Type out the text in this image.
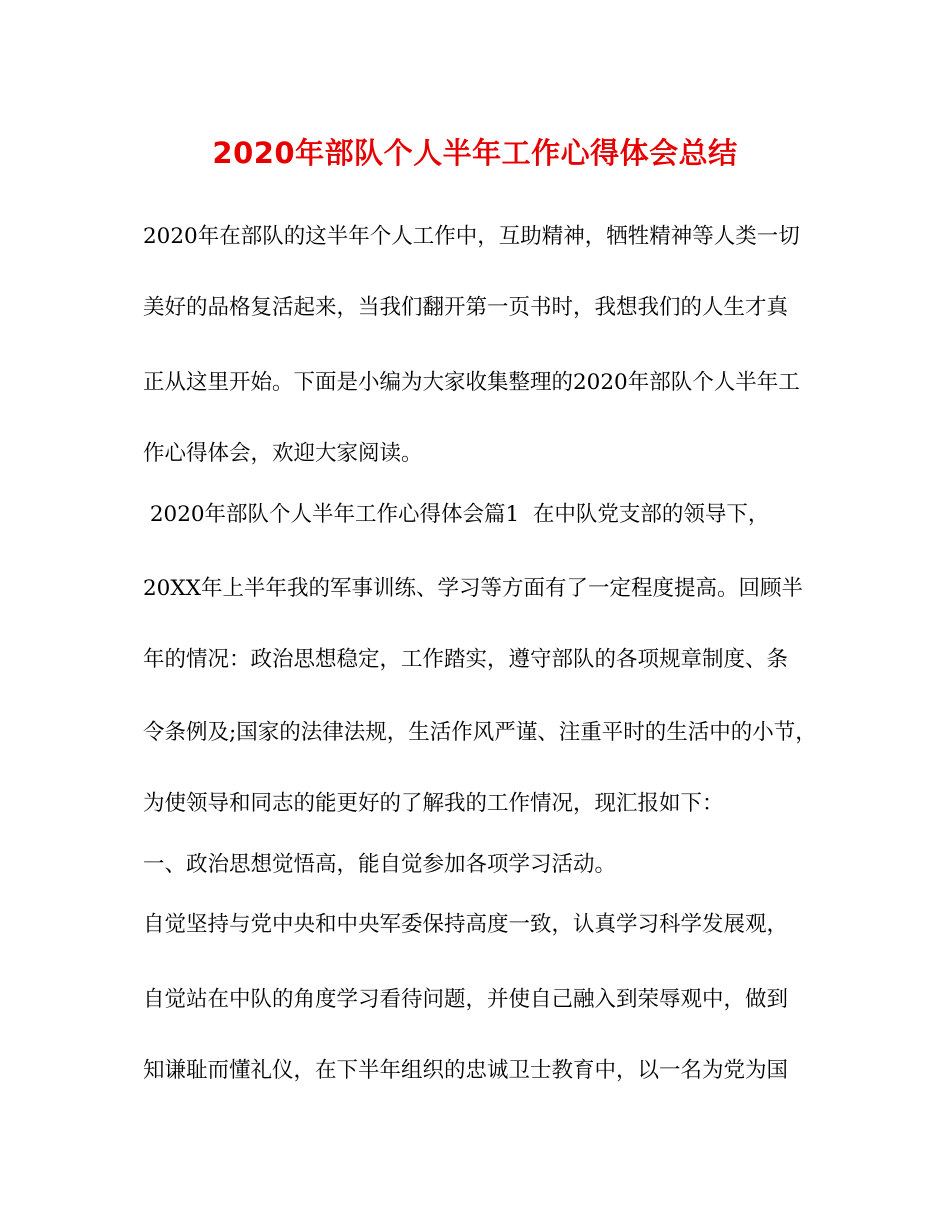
2020年部队个人半年工作心得体会总结
2020年在部队的这半年个人工作中，互助精神，牺牲精神等人类一切
美好的品格复活起来，当我们翻开第一页书时，我想我们的人生才真
正从这里开始。下面是小编为大家收集整理的2020年部队个人半年工
作心得体会，欢迎大家阅读。
2020年部队个人半年工作心得体会篇1  在中队党支部的领导下，
20XX年上半年我的军事训练、学习等方面有了一定程度提高。回顾半
年的情况：政治思想稳定，工作踏实，遵守部队的各项规章制度、条
令条例及;国家的法律法规，生活作风严谨、注重平时的生活中的小节，
为使领导和同志的能更好的了解我的工作情况，现汇报如下：
一、政治思想觉悟高，能自觉参加各项学习活动。
自觉坚持与党中央和中央军委保持高度一致，认真学习科学发展观，
自觉站在中队的角度学习看待问题，并使自己融入到荣辱观中，做到
知谦耻而懂礼仪，在下半年组织的忠诚卫士教育中，以一名为党为国
